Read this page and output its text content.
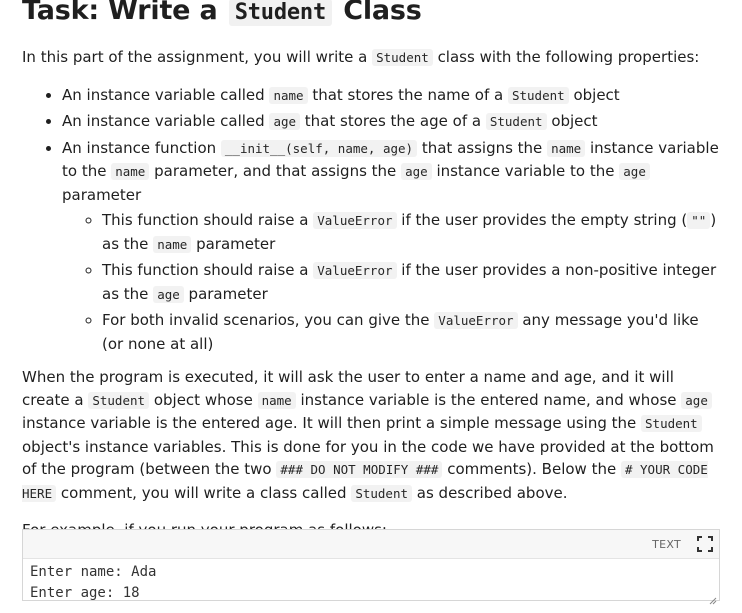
Task: Write a Student Class

In this part of the assignment, you will write a Student class with the following properties:

• An instance variable called name that stores the name of a Student object
• An instance variable called age that stores the age of a Student object
• An instance function __init__(self, name, age) that assigns the name instance variable to the name parameter, and that assigns the age instance variable to the age parameter
◦ This function should raise a ValueError if the user provides the empty string ( "" ) as the name parameter
◦ This function should raise a ValueError if the user provides a non-positive integer as the age parameter
◦ For both invalid scenarios, you can give the ValueError any message you'd like (or none at all)

When the program is executed, it will ask the user to enter a name and age, and it will create a Student object whose name instance variable is the entered name, and whose age instance variable is the entered age. It will then print a simple message using the Student object's instance variables. This is done for you in the code we have provided at the bottom of the program (between the two ### DO NOT MODIFY ### comments). Below the # YOUR CODE HERE comment, you will write a class called Student as described above.

TEXT
Enter name: Ada
Enter age: 18
